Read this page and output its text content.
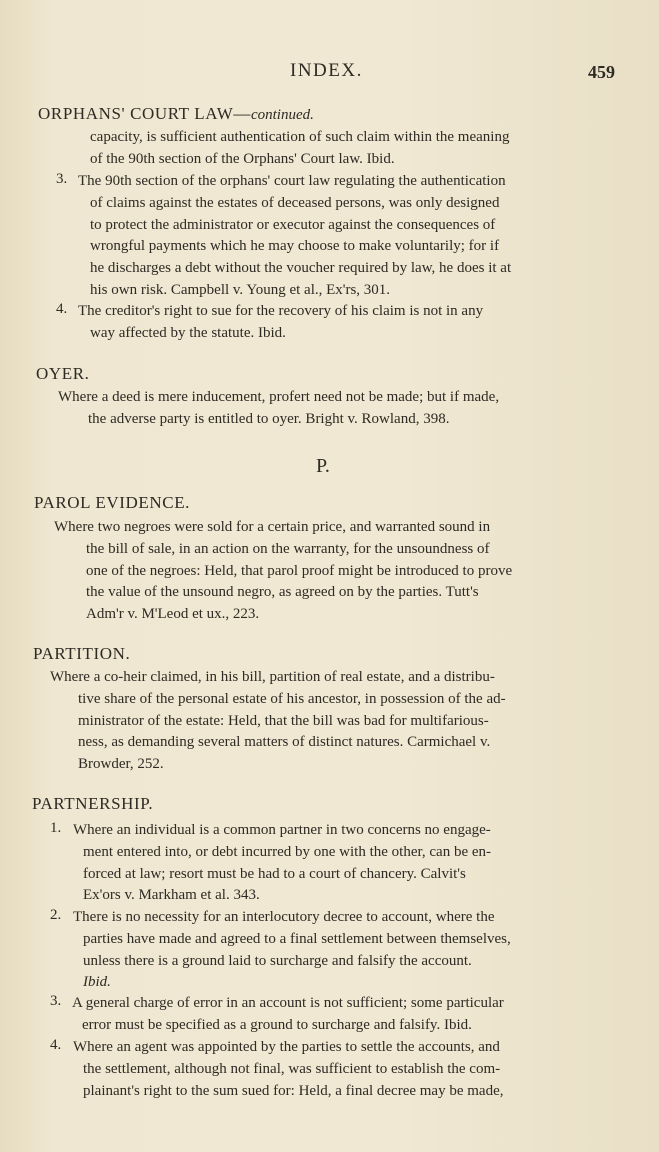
INDEX.	459
ORPHANS' COURT LAW—continued.
capacity, is sufficient authentication of such claim within the meaning
of the 90th section of the Orphans' Court law. Ibid.
3. The 90th section of the orphans' court law regulating the authentication
of claims against the estates of deceased persons, was only designed
to protect the administrator or executor against the consequences of
wrongful payments which he may choose to make voluntarily; for if
he discharges a debt without the voucher required by law, he does it at
his own risk. Campbell v. Young et al., Ex'rs, 301.
4. The creditor's right to sue for the recovery of his claim is not in any
way affected by the statute. Ibid.
OYER.
Where a deed is mere inducement, profert need not be made; but if made,
the adverse party is entitled to oyer. Bright v. Rowland, 398.
P.
PAROL EVIDENCE.
Where two negroes were sold for a certain price, and warranted sound in
the bill of sale, in an action on the warranty, for the unsoundness of
one of the negroes: Held, that parol proof might be introduced to prove
the value of the unsound negro, as agreed on by the parties. Tutt's
Adm'r v. M'Leod et ux., 223.
PARTITION.
Where a co-heir claimed, in his bill, partition of real estate, and a distribu-
tive share of the personal estate of his ancestor, in possession of the ad-
ministrator of the estate: Held, that the bill was bad for multifarious-
ness, as demanding several matters of distinct natures. Carmichael v.
Browder, 252.
PARTNERSHIP.
1. Where an individual is a common partner in two concerns no engage-
ment entered into, or debt incurred by one with the other, can be en-
forced at law; resort must be had to a court of chancery. Calvit's
Ex'ors v. Markham et al. 343.
2. There is no necessity for an interlocutory decree to account, where the
parties have made and agreed to a final settlement between themselves,
unless there is a ground laid to surcharge and falsify the account.
Ibid.
3. A general charge of error in an account is not sufficient; some particular
error must be specified as a ground to surcharge and falsify. Ibid.
4. Where an agent was appointed by the parties to settle the accounts, and
the settlement, although not final, was sufficient to establish the com-
plainant's right to the sum sued for: Held, a final decree may be made,
